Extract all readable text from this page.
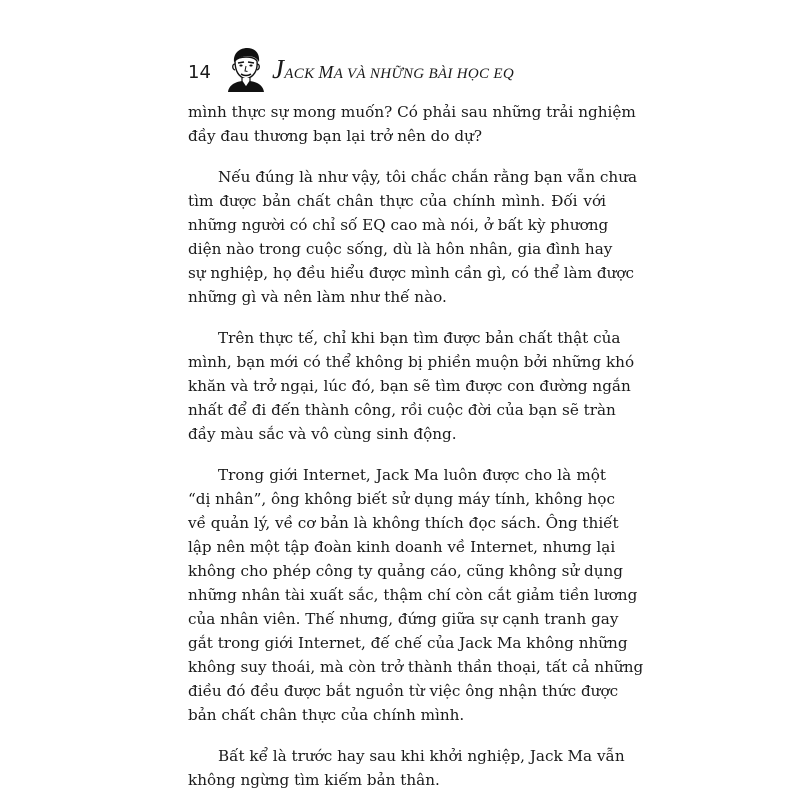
14 JACK MA VÀ NHỮNG BÀI HỌC EQ

mình thực sự mong muốn? Có phải sau những trải nghiệm
đầy đau thương bạn lại trở nên do dự?

Nếu đúng là như vậy, tôi chắc chắn rằng bạn vẫn chưa
tìm được bản chất chân thực của chính mình. Đối với
những người có chỉ số EQ cao mà nói, ở bất kỳ phương
diện nào trong cuộc sống, dù là hôn nhân, gia đình hay
sự nghiệp, họ đều hiểu được mình cần gì, có thể làm được
những gì và nên làm như thế nào.

Trên thực tế, chỉ khi bạn tìm được bản chất thật của
mình, bạn mới có thể không bị phiền muộn bởi những khó
khăn và trở ngại, lúc đó, bạn sẽ tìm được con đường ngắn
nhất để đi đến thành công, rồi cuộc đời của bạn sẽ tràn
đầy màu sắc và vô cùng sinh động.

Trong giới Internet, Jack Ma luôn được cho là một
“dị nhân”, ông không biết sử dụng máy tính, không học
về quản lý, về cơ bản là không thích đọc sách. Ông thiết
lập nên một tập đoàn kinh doanh về Internet, nhưng lại
không cho phép công ty quảng cáo, cũng không sử dụng
những nhân tài xuất sắc, thậm chí còn cắt giảm tiền lương
của nhân viên. Thế nhưng, đứng giữa sự cạnh tranh gay
gắt trong giới Internet, đế chế của Jack Ma không những
không suy thoái, mà còn trở thành thần thoại, tất cả những
điều đó đều được bắt nguồn từ việc ông nhận thức được
bản chất chân thực của chính mình.

Bất kể là trước hay sau khi khởi nghiệp, Jack Ma vẫn
không ngừng tìm kiếm bản thân.
